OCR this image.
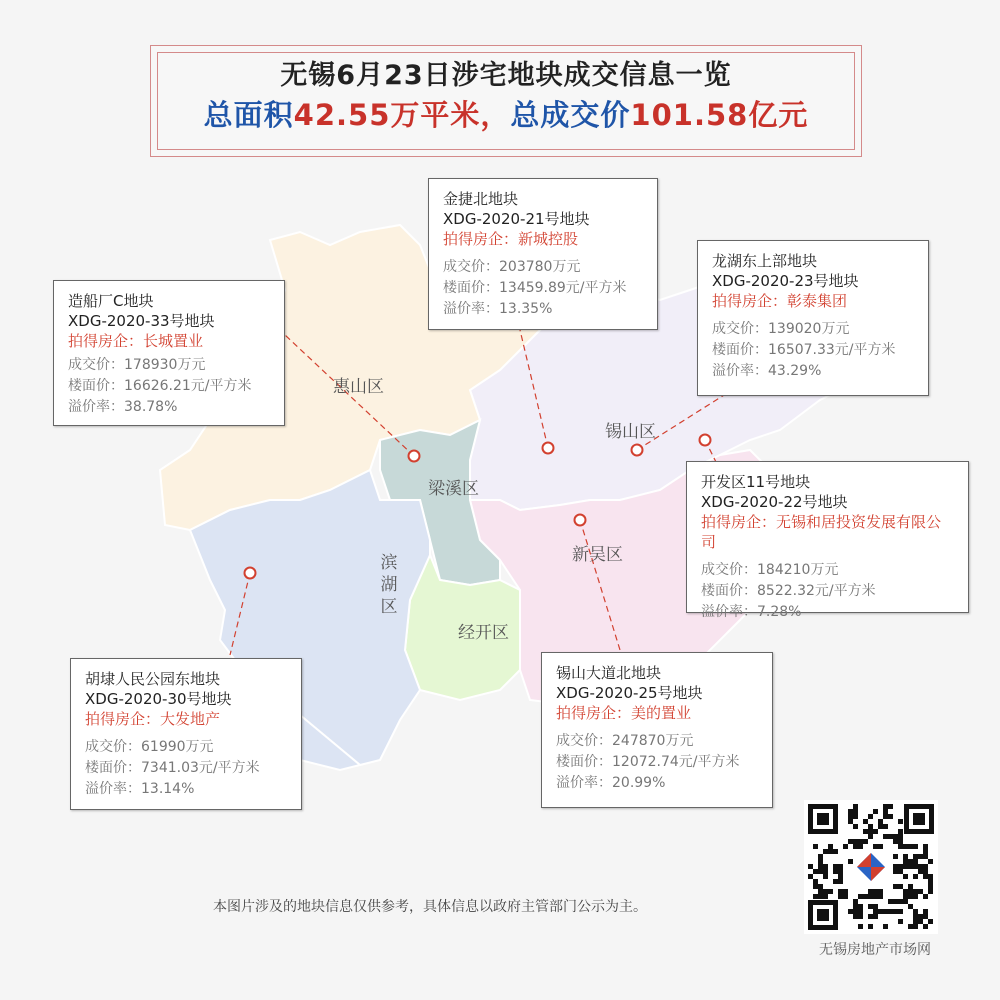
惠山区
锡山区
梁溪区
新吴区
滨湖区
经开区
无锡6月23日涉宅地块成交信息一览
总面积42.55万平米，总成交价101.58亿元
金捷北地块
XDG-2020-21号地块
拍得房企：新城控股
成交价：203780万元
楼面价：13459.89元/平方米
溢价率：13.35%
造船厂C地块
XDG-2020-33号地块
拍得房企：长城置业
成交价：178930万元
楼面价：16626.21元/平方米
溢价率：38.78%
龙湖东上部地块
XDG-2020-23号地块
拍得房企：彰泰集团
成交价：139020万元
楼面价：16507.33元/平方米
溢价率：43.29%
开发区11号地块
XDG-2020-22号地块
拍得房企：无锡和居投资发展有限公司
成交价：184210万元
楼面价：8522.32元/平方米
溢价率：7.28%
胡埭人民公园东地块
XDG-2020-30号地块
拍得房企：大发地产
成交价：61990万元
楼面价：7341.03元/平方米
溢价率：13.14%
锡山大道北地块
XDG-2020-25号地块
拍得房企：美的置业
成交价：247870万元
楼面价：12072.74元/平方米
溢价率：20.99%
本图片涉及的地块信息仅供参考，具体信息以政府主管部门公示为主。
无锡房地产市场网
